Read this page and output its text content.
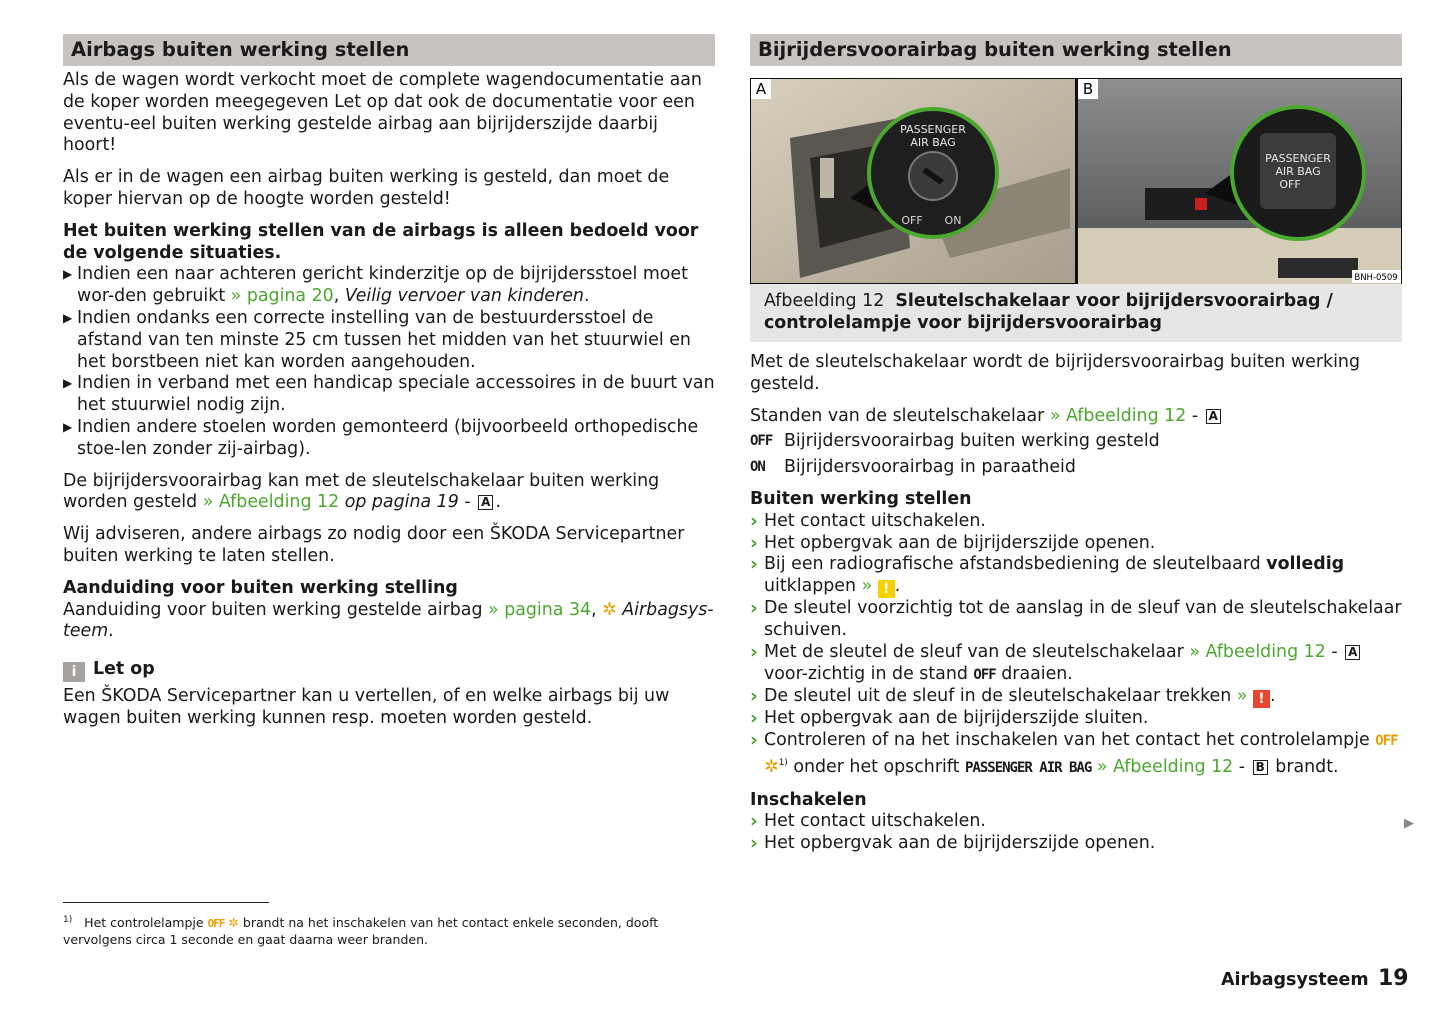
Airbags buiten werking stellen

Als de wagen wordt verkocht moet de complete wagendocumentatie aan de koper worden meegegeven Let op dat ook de documentatie voor een eventu-eel buiten werking gestelde airbag aan bijrijderszijde daarbij hoort!

Als er in de wagen een airbag buiten werking is gesteld, dan moet de koper hiervan op de hoogte worden gesteld!

Het buiten werking stellen van de airbags is alleen bedoeld voor de volgende situaties.

▶ Indien een naar achteren gericht kinderzitje op de bijrijdersstoel moet wor-den gebruikt » pagina 20, Veilig vervoer van kinderen.
▶ Indien ondanks een correcte instelling van de bestuurdersstoel de afstand van ten minste 25 cm tussen het midden van het stuurwiel en het borstbeen niet kan worden aangehouden.
▶ Indien in verband met een handicap speciale accessoires in de buurt van het stuurwiel nodig zijn.
▶ Indien andere stoelen worden gemonteerd (bijvoorbeeld orthopedische stoe-len zonder zij-airbag).

De bijrijdersvoorairbag kan met de sleutelschakelaar buiten werking worden gesteld » Afbeelding 12 op pagina 19 - A .

Wij adviseren, andere airbags zo nodig door een ŠKODA Servicepartner buiten werking te laten stellen.

Aanduiding voor buiten werking stelling

Aanduiding voor buiten werking gestelde airbag » pagina 34, ✲ Airbagsys-teem.

i Let op

Een ŠKODA Servicepartner kan u vertellen, of en welke airbags bij uw wagen buiten werking kunnen resp. moeten worden gesteld.

Bijrijdersvoorairbag buiten werking stellen
PASSENGER
AIR BAG
OFF ON
A
PASSENGER
AIR BAG
OFF
B
BNH-0509
Afbeelding 12 Sleutelschakelaar voor bijrijdersvoorairbag / controlelampje voor bijrijdersvoorairbag

Met de sleutelschakelaar wordt de bijrijdersvoorairbag buiten werking gesteld.

Standen van de sleutelschakelaar » Afbeelding 12 - A

OFF Bijrijdersvoorairbag buiten werking gesteld
ON Bijrijdersvoorairbag in paraatheid

Buiten werking stellen

› Het contact uitschakelen.
› Het opbergvak aan de bijrijderszijde openen.
› Bij een radiografische afstandsbediening de sleutelbaard volledig uitklappen » ! .
› De sleutel voorzichtig tot de aanslag in de sleuf van de sleutelschakelaar schuiven.
› Met de sleutel de sleuf van de sleutelschakelaar » Afbeelding 12 - A voor-zichtig in de stand OFF draaien.
› De sleutel uit de sleuf in de sleutelschakelaar trekken » ! .
› Het opbergvak aan de bijrijderszijde sluiten.
› Controleren of na het inschakelen van het contact het controlelampje OFF ✲$^{1)}$ onder het opschrift PASSENGER AIR BAG » Afbeelding 12 - B brandt.

Inschakelen

› Het contact uitschakelen.
› Het opbergvak aan de bijrijderszijde openen.
▶
$^{1)}$ Het controlelampje OFF ✲ brandt na het inschakelen van het contact enkele seconden, dooft vervolgens circa 1 seconde en gaat daarna weer branden.
Airbagsysteem 19
